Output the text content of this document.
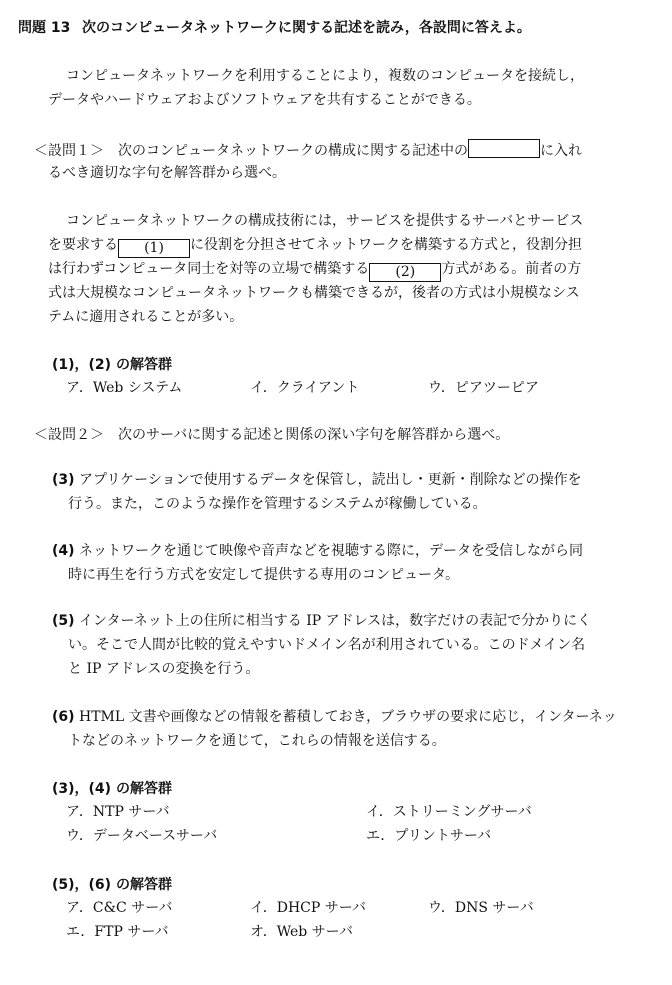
問題 13 次のコンピュータネットワークに関する記述を読み，各設問に答えよ。
コンピュータネットワークを利用することにより，複数のコンピュータを接続し，
データやハードウェアおよびソフトウェアを共有することができる。
＜設問１＞　次のコンピュータネットワークの構成に関する記述中の	に入れ
るべき適切な字句を解答群から選べ。
コンピュータネットワークの構成技術には，サービスを提供するサーバとサービス
を要求する (1) に役割を分担させてネットワークを構築する方式と，役割分担
は行わずコンピュータ同士を対等の立場で構築する (2) 方式がある。前者の方
式は大規模なコンピュータネットワークも構築できるが，後者の方式は小規模なシス
テムに適用されることが多い。
(1)，(2) の解答群
ア．Web システム	イ．クライアント	ウ．ピアツーピア
＜設問２＞　次のサーバに関する記述と関係の深い字句を解答群から選べ。
(3) アプリケーションで使用するデータを保管し，読出し・更新・削除などの操作を
行う。また，このような操作を管理するシステムが稼働している。
(4) ネットワークを通じて映像や音声などを視聴する際に，データを受信しながら同
時に再生を行う方式を安定して提供する専用のコンピュータ。
(5) インターネット上の住所に相当する IP アドレスは，数字だけの表記で分かりにく
い。そこで人間が比較的覚えやすいドメイン名が利用されている。このドメイン名
と IP アドレスの変換を行う。
(6) HTML 文書や画像などの情報を蓄積しておき，ブラウザの要求に応じ，インターネッ
トなどのネットワークを通じて，これらの情報を送信する。
(3)，(4) の解答群
ア．NTP サーバ	イ．ストリーミングサーバ
ウ．データベースサーバ	エ．プリントサーバ
(5)，(6) の解答群
ア．C&C サーバ	イ．DHCP サーバ	ウ．DNS サーバ
エ．FTP サーバ	オ．Web サーバ
